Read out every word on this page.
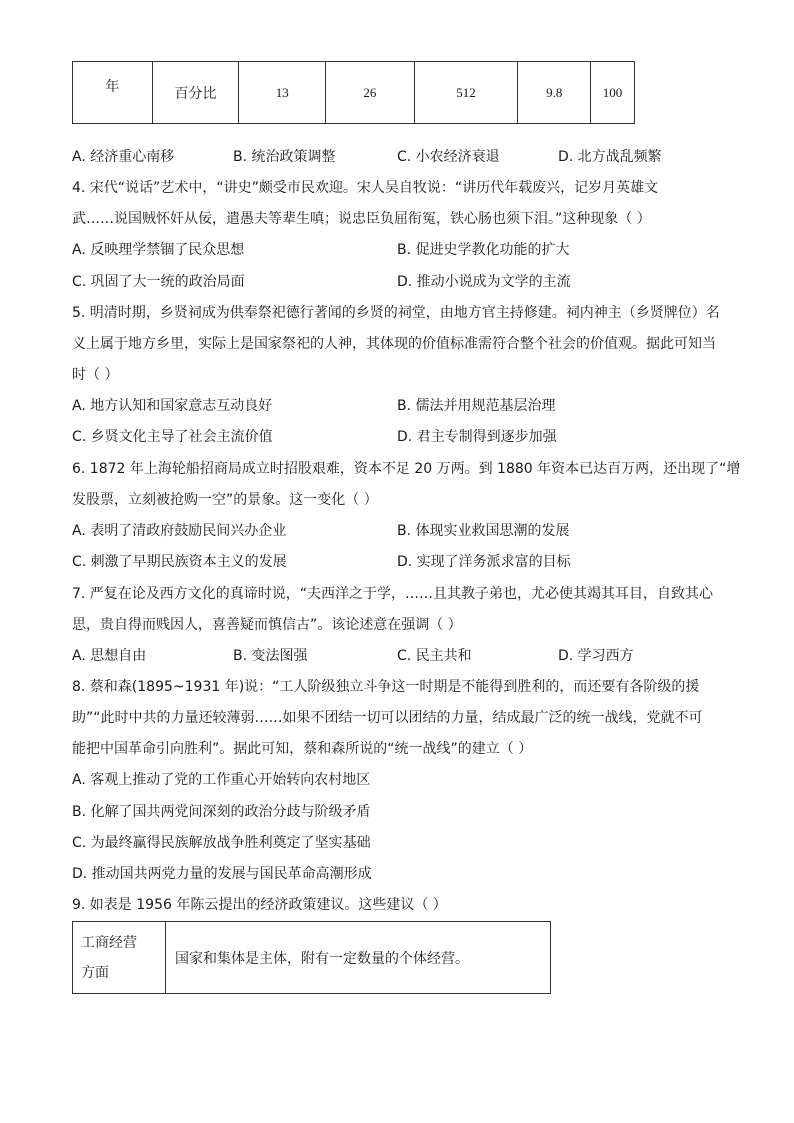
年	百分比	13	26	512	9.8	100
A. 经济重心南移	B. 统治政策调整	C. 小农经济衰退	D. 北方战乱频繁
4. 宋代“说话”艺术中，“讲史”颇受市民欢迎。宋人吴自牧说：“讲历代年载废兴，记岁月英雄文
武……说国贼怀奸从佞，遣愚夫等辈生嗔；说忠臣负屈衔冤，铁心肠也须下泪。”这种现象（ ）
A. 反映理学禁锢了民众思想	B. 促进史学教化功能的扩大
C. 巩固了大一统的政治局面	D. 推动小说成为文学的主流
5. 明清时期，乡贤祠成为供奉祭祀德行著闻的乡贤的祠堂，由地方官主持修建。祠内神主（乡贤牌位）名
义上属于地方乡里，实际上是国家祭祀的人神，其体现的价值标准需符合整个社会的价值观。据此可知当
时（ ）
A. 地方认知和国家意志互动良好	B. 儒法并用规范基层治理
C. 乡贤文化主导了社会主流价值	D. 君主专制得到逐步加强
6. 1872 年上海轮船招商局成立时招股艰难，资本不足 20 万两。到 1880 年资本已达百万两，还出现了“增
发股票，立刻被抢购一空”的景象。这一变化（ ）
A. 表明了清政府鼓励民间兴办企业	B. 体现实业救国思潮的发展
C. 刺激了早期民族资本主义的发展	D. 实现了洋务派求富的目标
7. 严复在论及西方文化的真谛时说，“夫西洋之于学，……且其教子弟也，尤必使其竭其耳目，自致其心
思，贵自得而贱因人，喜善疑而慎信古”。该论述意在强调（ ）
A. 思想自由	B. 变法图强	C. 民主共和	D. 学习西方
8. 蔡和森(1895~1931 年)说：“工人阶级独立斗争这一时期是不能得到胜利的，而还要有各阶级的援
助”“此时中共的力量还较薄弱……如果不团结一切可以团结的力量，结成最广泛的统一战线，党就不可
能把中国革命引向胜利”。据此可知，蔡和森所说的“统一战线”的建立（ ）
A. 客观上推动了党的工作重心开始转向农村地区
B. 化解了国共两党间深刻的政治分歧与阶级矛盾
C. 为最终赢得民族解放战争胜利奠定了坚实基础
D. 推动国共两党力量的发展与国民革命高潮形成
9. 如表是 1956 年陈云提出的经济政策建议。这些建议（ ）
工商经营
方面	国家和集体是主体，附有一定数量的个体经营。
